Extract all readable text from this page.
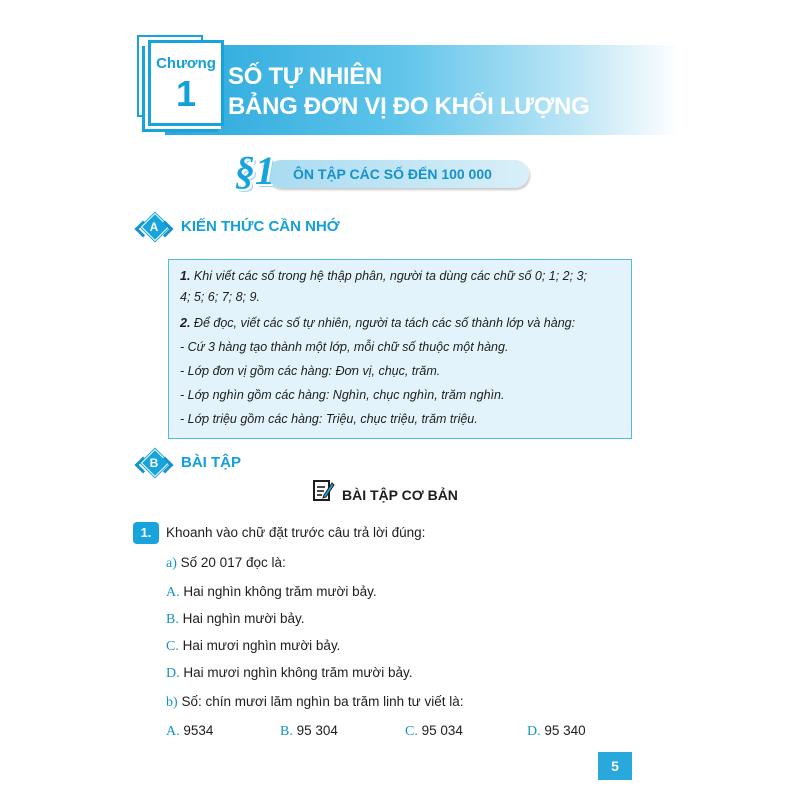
Chương
1	SỐ TỰ NHIÊN
BẢNG ĐƠN VỊ ĐO KHỐI LƯỢNG
§1 ÔN TẬP CÁC SỐ ĐẾN 100 000
A	KIẾN THỨC CẦN NHỚ
1. Khi viết các số trong hệ thập phân, người ta dùng các chữ số 0; 1; 2; 3;
4; 5; 6; 7; 8; 9.
2. Để đọc, viết các số tự nhiên, người ta tách các số thành lớp và hàng:
- Cứ 3 hàng tạo thành một lớp, mỗi chữ số thuộc một hàng.
- Lớp đơn vị gồm các hàng: Đơn vị, chục, trăm.
- Lớp nghìn gồm các hàng: Nghìn, chục nghìn, trăm nghìn.
- Lớp triệu gồm các hàng: Triệu, chục triệu, trăm triệu.
B	BÀI TẬP
BÀI TẬP CƠ BẢN
1.	Khoanh vào chữ đặt trước câu trả lời đúng:
a) Số 20 017 đọc là:
A. Hai nghìn không trăm mười bảy.
B. Hai nghìn mười bảy.
C. Hai mươi nghìn mười bảy.
D. Hai mươi nghìn không trăm mười bảy.
b) Số: chín mươi lăm nghìn ba trăm linh tư viết là:
A. 9534	B. 95 304	C. 95 034	D. 95 340
5
